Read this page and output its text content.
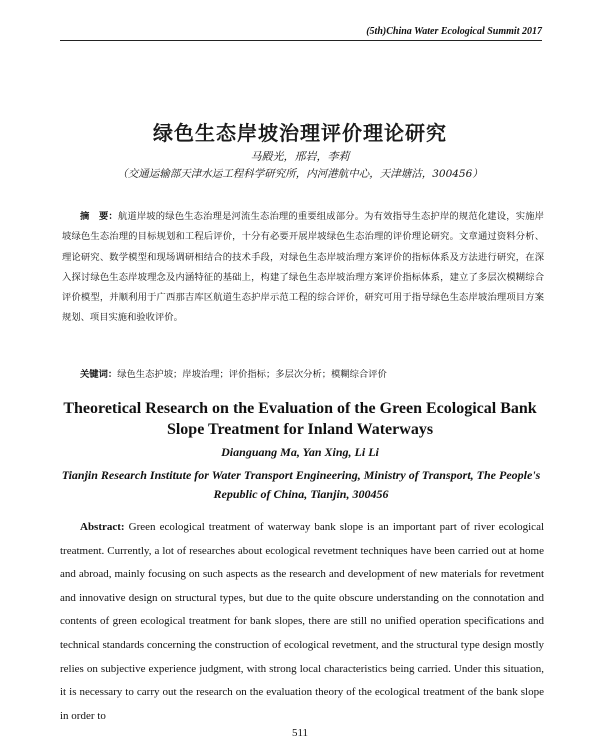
(5th)China Water Ecological Summit 2017
绿色生态岸坡治理评价理论研究
马殿光，邢岩，李莉
（交通运输部天津水运工程科学研究所，内河港航中心，天津塘沽，300456）
摘　要：航道岸坡的绿色生态治理是河流生态治理的重要组成部分。为有效指导生态护岸的规范化建设，实施岸坡绿色生态治理的目标规划和工程后评价，十分有必要开展岸坡绿色生态治理的评价理论研究。文章通过资料分析、理论研究、数学模型和现场调研相结合的技术手段，对绿色生态岸坡治理方案评价的指标体系及方法进行研究，在深入探讨绿色生态岸坡理念及内涵特征的基础上，构建了绿色生态岸坡治理方案评价指标体系，建立了多层次模糊综合评价模型，并顺利用于广西那吉库区航道生态护岸示范工程的综合评价，研究可用于指导绿色生态岸坡治理项目方案规划、项目实施和验收评价。
关键词：绿色生态护坡；岸坡治理；评价指标；多层次分析；模糊综合评价
Theoretical Research on the Evaluation of the Green Ecological Bank
Slope Treatment for Inland Waterways
Dianguang Ma, Yan Xing, Li Li
Tianjin Research Institute for Water Transport Engineering, Ministry of Transport, The People's
Republic of China, Tianjin, 300456
Abstract: Green ecological treatment of waterway bank slope is an important part of river ecological treatment. Currently, a lot of researches about ecological revetment techniques have been carried out at home and abroad, mainly focusing on such aspects as the research and development of new materials for revetment and innovative design on structural types, but due to the quite obscure understanding on the connotation and contents of green ecological treatment for bank slopes, there are still no unified operation specifications and technical standards concerning the construction of ecological revetment, and the structural type design mostly relies on subjective experience judgment, with strong local characteristics being carried. Under this situation, it is necessary to carry out the research on the evaluation theory of the ecological treatment of the bank slope in order to
511
